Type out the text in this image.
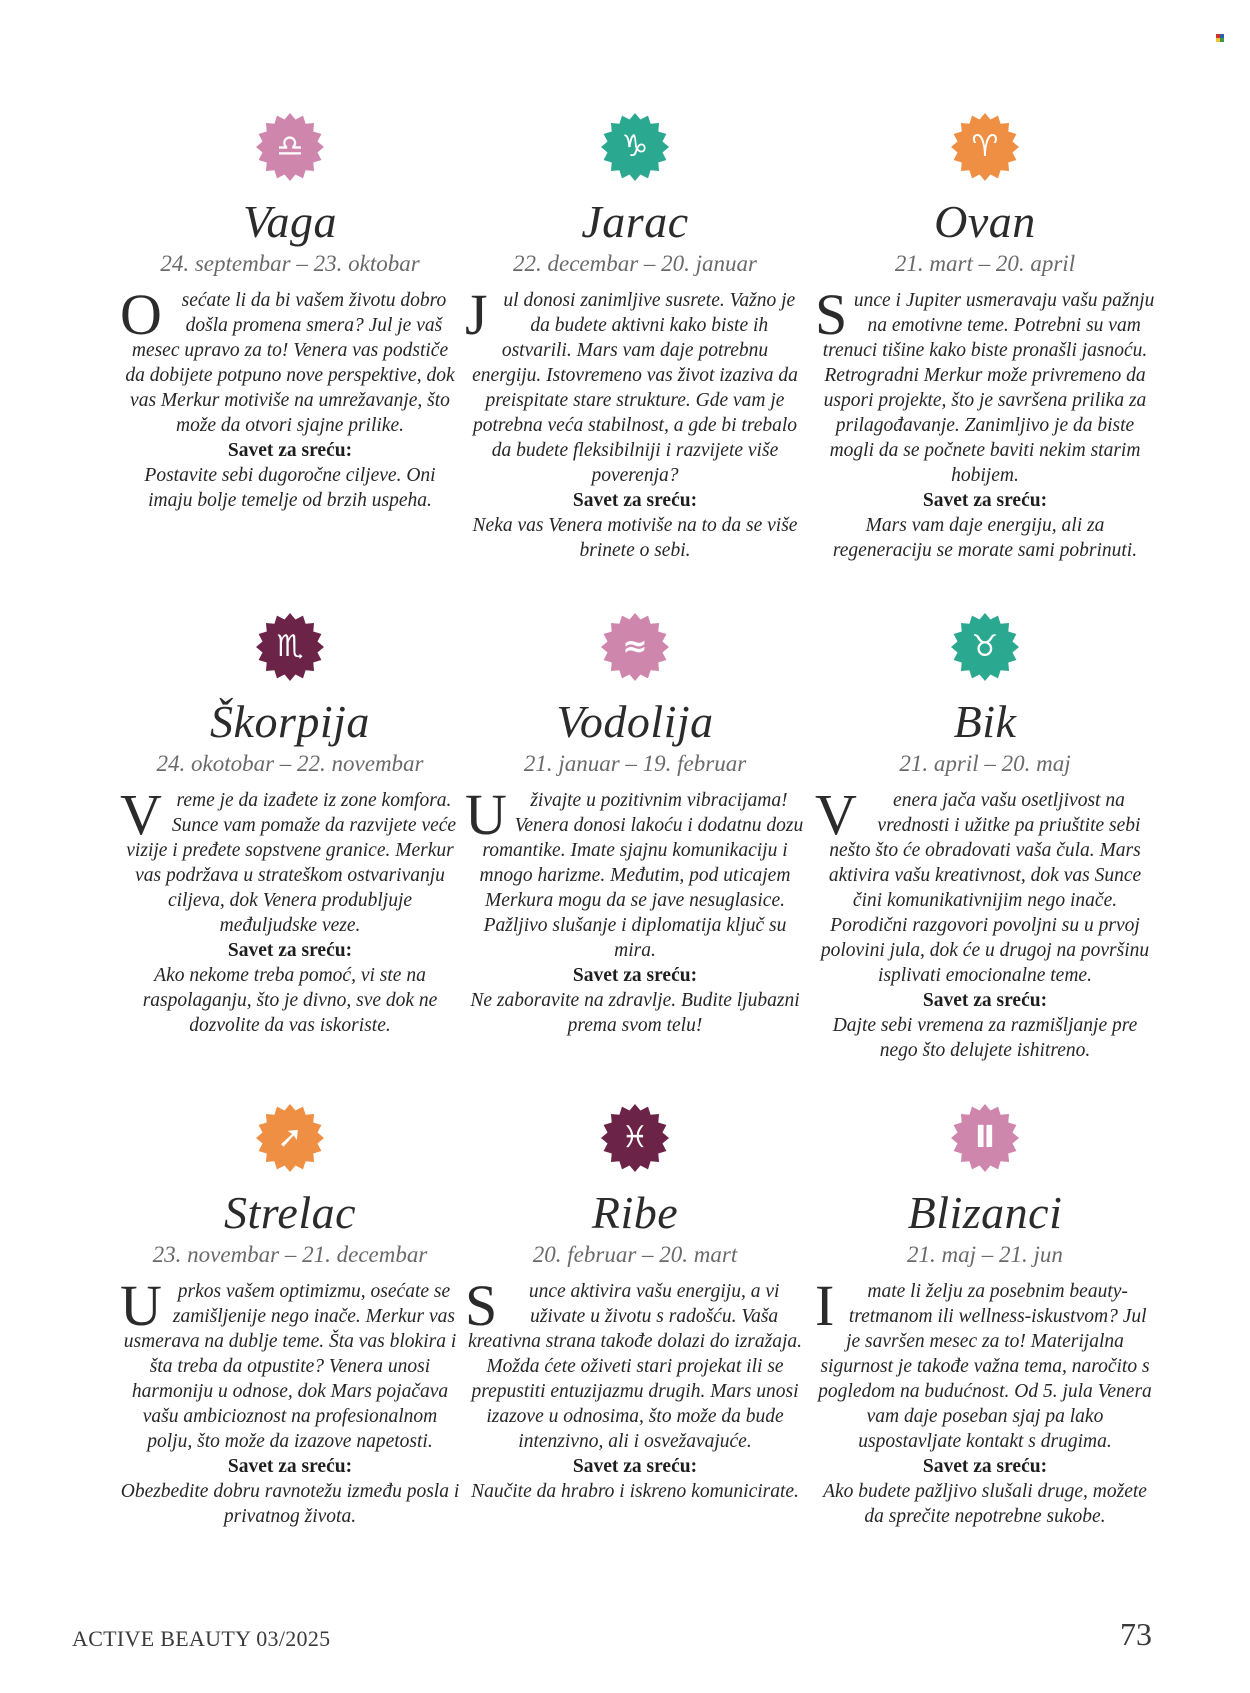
♎
Vaga
24. septembar – 23. oktobar

O sećate li da bi vašem životu dobro došla promena smera? Jul je vaš mesec upravo za to! Venera vas podstiče da dobijete potpuno nove perspektive, dok vas Merkur motiviše na umrežavanje, što može da otvori sjajne prilike.
Savet za sreću:
Postavite sebi dugoročne ciljeve. Oni imaju bolje temelje od brzih uspeha.

♑
Jarac
22. decembar – 20. januar

Jul donosi zanimljive susrete. Važno je da budete aktivni kako biste ih ostvarili. Mars vam daje potrebnu energiju. Istovremeno vas život izaziva da preispitate stare strukture. Gde vam je potrebna veća stabilnost, a gde bi trebalo da budete fleksibilniji i razvijete više poverenja?
Savet za sreću:
Neka vas Venera motiviše na to da se više brinete o sebi.

♈
Ovan
21. mart – 20. april

Sunce i Jupiter usmeravaju vašu pažnju na emotivne teme. Potrebni su vam trenuci tišine kako biste pronašli jasnoću. Retrogradni Merkur može privremeno da uspori projekte, što je savršena prilika za prilagođavanje. Zanimljivo je da biste mogli da se počnete baviti nekim starim hobijem.
Savet za sreću:
Mars vam daje energiju, ali za regeneraciju se morate sami pobrinuti.

♏
Škorpija
24. okotobar – 22. novembar

Vreme je da izađete iz zone komfora. Sunce vam pomaže da razvijete veće vizije i pređete sopstvene granice. Merkur vas podržava u strateškom ostvarivanju ciljeva, dok Venera produbljuje međuljudske veze.
Savet za sreću:
Ako nekome treba pomoć, vi ste na raspolaganju, što je divno, sve dok ne dozvolite da vas iskoriste.

≈
Vodolija
21. januar – 19. februar

U živajte u pozitivnim vibracijama! Venera donosi lakoću i dodatnu dozu romantike. Imate sjajnu komunikaciju i mnogo harizme. Međutim, pod uticajem Merkura mogu da se jave nesuglasice. Pažljivo slušanje i diplomatija ključ su mira.
Savet za sreću:
Ne zaboravite na zdravlje. Budite ljubazni prema svom telu!

♉
Bik
21. april – 20. maj

V enera jača vašu osetljivost na vrednosti i užitke pa priuštite sebi nešto što će obradovati vaša čula. Mars aktivira vašu kreativnost, dok vas Sunce čini komunikativnijim nego inače. Porodični razgovori povoljni su u prvoj polovini jula, dok će u drugoj na površinu isplivati emocionalne teme.
Savet za sreću:
Dajte sebi vremena za razmišljanje pre nego što delujete ishitreno.

➚
Strelac
23. novembar – 21. decembar

Uprkos vašem optimizmu, osećate se zamišljenije nego inače. Merkur vas usmerava na dublje teme. Šta vas blokira i šta treba da otpustite? Venera unosi harmoniju u odnose, dok Mars pojačava vašu ambicioznost na profesionalnom polju, što može da izazove napetosti.
Savet za sreću:
Obezbedite dobru ravnotežu između posla i privatnog života.

♓
Ribe
20. februar – 20. mart

S unce aktivira vašu energiju, a vi uživate u životu s radošću. Vaša kreativna strana takođe dolazi do izražaja. Možda ćete oživeti stari projekat ili se prepustiti entuzijazmu drugih. Mars unosi izazove u odnosima, što može da bude intenzivno, ali i osvežavajuće.
Savet za sreću:
Naučite da hrabro i iskreno komunicirate.

Ⅱ
Blizanci
21. maj – 21. jun

I mate li želju za posebnim beauty-tretmanom ili wellness-iskustvom? Jul je savršen mesec za to! Materijalna sigurnost je takođe važna tema, naročito s pogledom na budućnost. Od 5. jula Venera vam daje poseban sjaj pa lako uspostavljate kontakt s drugima.
Savet za sreću:
Ako budete pažljivo slušali druge, možete da sprečite nepotrebne sukobe.

ACTIVE BEAUTY 03/2025	73
